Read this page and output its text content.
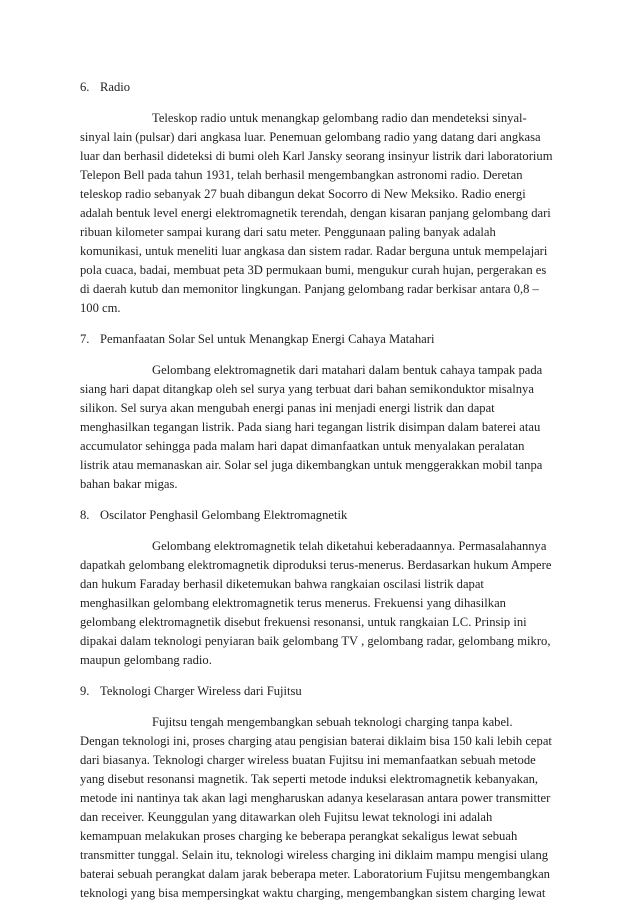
6. Radio
Teleskop radio untuk menangkap gelombang radio dan mendeteksi sinyal-
sinyal lain (pulsar) dari angkasa luar. Penemuan gelombang radio yang datang dari angkasa
luar dan berhasil dideteksi di bumi oleh Karl Jansky seorang insinyur listrik dari laboratorium
Telepon Bell pada tahun 1931, telah berhasil mengembangkan astronomi radio. Deretan
teleskop radio sebanyak 27 buah dibangun dekat Socorro di New Meksiko. Radio energi
adalah bentuk level energi elektromagnetik terendah, dengan kisaran panjang gelombang dari
ribuan kilometer sampai kurang dari satu meter. Penggunaan paling banyak adalah
komunikasi, untuk meneliti luar angkasa dan sistem radar. Radar berguna untuk mempelajari
pola cuaca, badai, membuat peta 3D permukaan bumi, mengukur curah hujan, pergerakan es
di daerah kutub dan memonitor lingkungan. Panjang gelombang radar berkisar antara 0,8 –
100 cm.
7. Pemanfaatan Solar Sel untuk Menangkap Energi Cahaya Matahari
Gelombang elektromagnetik dari matahari dalam bentuk cahaya tampak pada
siang hari dapat ditangkap oleh sel surya yang terbuat dari bahan semikonduktor misalnya
silikon. Sel surya akan mengubah energi panas ini menjadi energi listrik dan dapat
menghasilkan tegangan listrik. Pada siang hari tegangan listrik disimpan dalam baterei atau
accumulator sehingga pada malam hari dapat dimanfaatkan untuk menyalakan peralatan
listrik atau memanaskan air. Solar sel juga dikembangkan untuk menggerakkan mobil tanpa
bahan bakar migas.
8. Oscilator Penghasil Gelombang Elektromagnetik
Gelombang elektromagnetik telah diketahui keberadaannya. Permasalahannya
dapatkah gelombang elektromagnetik diproduksi terus-menerus. Berdasarkan hukum Ampere
dan hukum Faraday berhasil diketemukan bahwa rangkaian oscilasi listrik dapat
menghasilkan gelombang elektromagnetik terus menerus. Frekuensi yang dihasilkan
gelombang elektromagnetik disebut frekuensi resonansi, untuk rangkaian LC. Prinsip ini
dipakai dalam teknologi penyiaran baik gelombang TV , gelombang radar, gelombang mikro,
maupun gelombang radio.
9. Teknologi Charger Wireless dari Fujitsu
Fujitsu tengah mengembangkan sebuah teknologi charging tanpa kabel.
Dengan teknologi ini, proses charging atau pengisian baterai diklaim bisa 150 kali lebih cepat
dari biasanya. Teknologi charger wireless buatan Fujitsu ini memanfaatkan sebuah metode
yang disebut resonansi magnetik. Tak seperti metode induksi elektromagnetik kebanyakan,
metode ini nantinya tak akan lagi mengharuskan adanya keselarasan antara power transmitter
dan receiver. Keunggulan yang ditawarkan oleh Fujitsu lewat teknologi ini adalah
kemampuan melakukan proses charging ke beberapa perangkat sekaligus lewat sebuah
transmitter tunggal. Selain itu, teknologi wireless charging ini diklaim mampu mengisi ulang
baterai sebuah perangkat dalam jarak beberapa meter. Laboratorium Fujitsu mengembangkan
teknologi yang bisa mempersingkat waktu charging, mengembangkan sistem charging lewat
